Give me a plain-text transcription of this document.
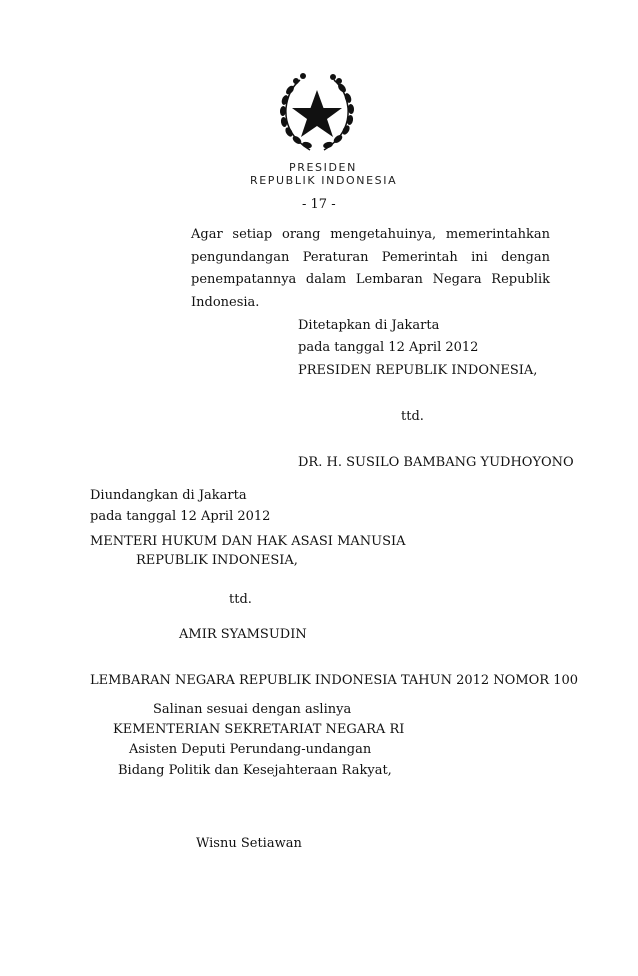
PRESIDEN
REPUBLIK INDONESIA
- 17 -
Agar setiap orang mengetahuinya, memerintahkan pengundangan Peraturan Pemerintah ini dengan penempatannya dalam Lembaran Negara Republik Indonesia.
Ditetapkan di Jakarta
pada tanggal 12 April 2012
PRESIDEN REPUBLIK INDONESIA,
ttd.
DR. H. SUSILO BAMBANG YUDHOYONO
Diundangkan di Jakarta
pada tanggal 12 April 2012
MENTERI HUKUM DAN HAK ASASI MANUSIA
REPUBLIK INDONESIA,
ttd.
AMIR SYAMSUDIN
LEMBARAN NEGARA REPUBLIK INDONESIA TAHUN 2012 NOMOR 100
Salinan sesuai dengan aslinya
KEMENTERIAN SEKRETARIAT NEGARA RI
Asisten Deputi Perundang-undangan
Bidang Politik dan Kesejahteraan Rakyat,
Wisnu Setiawan
